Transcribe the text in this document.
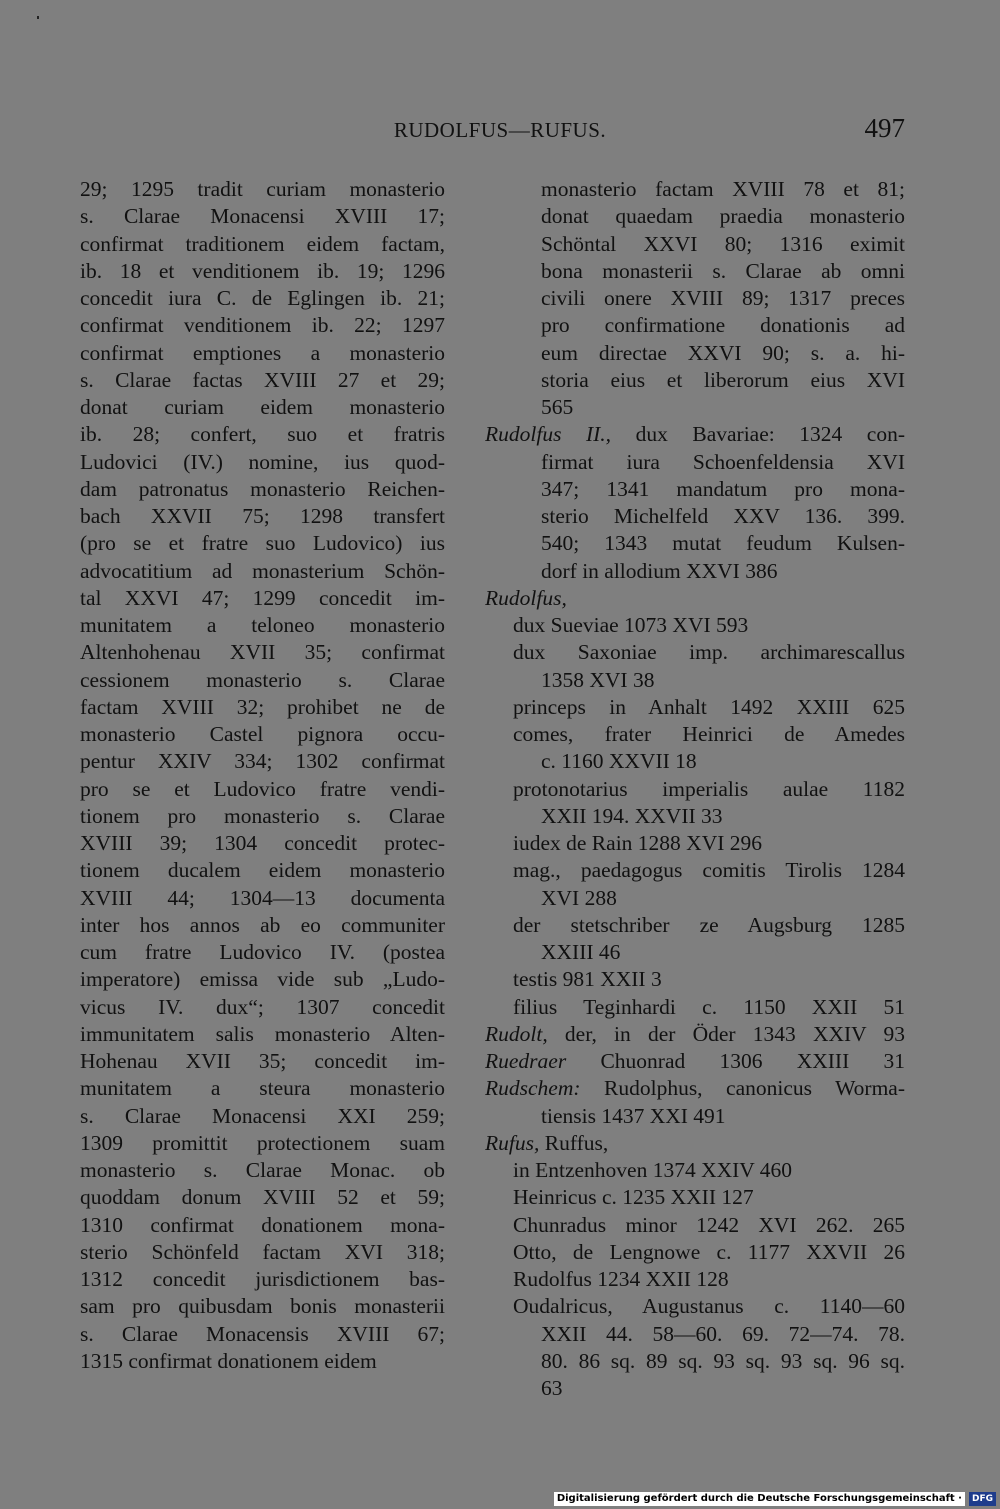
RUDOLFUS—RUFUS.	497
29; 1295 tradit curiam monasterio
s. Clarae Monacensi XVIII 17;
confirmat traditionem eidem factam,
ib. 18 et venditionem ib. 19; 1296
concedit iura C. de Eglingen ib. 21;
confirmat venditionem ib. 22; 1297
confirmat emptiones a monasterio
s. Clarae factas XVIII 27 et 29;
donat curiam eidem monasterio
ib. 28; confert, suo et fratris
Ludovici (IV.) nomine, ius quod-
dam patronatus monasterio Reichen-
bach XXVII 75; 1298 transfert
(pro se et fratre suo Ludovico) ius
advocatitium ad monasterium Schön-
tal XXVI 47; 1299 concedit im-
munitatem a teloneo monasterio
Altenhohenau XVII 35; confirmat
cessionem monasterio s. Clarae
factam XVIII 32; prohibet ne de
monasterio Castel pignora occu-
pentur XXIV 334; 1302 confirmat
pro se et Ludovico fratre vendi-
tionem pro monasterio s. Clarae
XVIII 39; 1304 concedit protec-
tionem ducalem eidem monasterio
XVIII 44; 1304—13 documenta
inter hos annos ab eo communiter
cum fratre Ludovico IV. (postea
imperatore) emissa vide sub „Ludo-
vicus IV. dux“; 1307 concedit
immunitatem salis monasterio Alten-
Hohenau XVII 35; concedit im-
munitatem a steura monasterio
s. Clarae Monacensi XXI 259;
1309 promittit protectionem suam
monasterio s. Clarae Monac. ob
quoddam donum XVIII 52 et 59;
1310 confirmat donationem mona-
sterio Schönfeld factam XVI 318;
1312 concedit jurisdictionem bas-
sam pro quibusdam bonis monasterii
s. Clarae Monacensis XVIII 67;
1315 confirmat donationem eidem
monasterio factam XVIII 78 et 81;
donat quaedam praedia monasterio
Schöntal XXVI 80; 1316 eximit
bona monasterii s. Clarae ab omni
civili onere XVIII 89; 1317 preces
pro confirmatione donationis ad
eum directae XXVI 90; s. a. hi-
storia eius et liberorum eius XVI
565
Rudolfus II., dux Bavariae: 1324 con-
firmat iura Schoenfeldensia XVI
347; 1341 mandatum pro mona-
sterio Michelfeld XXV 136. 399.
540; 1343 mutat feudum Kulsen-
dorf in allodium XXVI 386
Rudolfus,
dux Sueviae 1073 XVI 593
dux Saxoniae imp. archimarescallus
1358 XVI 38
princeps in Anhalt 1492 XXIII 625
comes, frater Heinrici de Amedes
c. 1160 XXVII 18
protonotarius imperialis aulae 1182
XXII 194. XXVII 33
iudex de Rain 1288 XVI 296
mag., paedagogus comitis Tirolis 1284
XVI 288
der stetschriber ze Augsburg 1285
XXIII 46
testis 981 XXII 3
filius Teginhardi c. 1150 XXII 51
Rudolt, der, in der Öder 1343 XXIV 93
Ruedraer Chuonrad 1306 XXIII 31
Rudschem: Rudolphus, canonicus Worma-
tiensis 1437 XXI 491
Rufus, Ruffus,
in Entzenhoven 1374 XXIV 460
Heinricus c. 1235 XXII 127
Chunradus minor 1242 XVI 262. 265
Otto, de Lengnowe c. 1177 XXVII 26
Rudolfus 1234 XXII 128
Oudalricus, Augustanus c. 1140—60
XXII 44. 58—60. 69. 72—74. 78.
80. 86 sq. 89 sq. 93 sq. 93 sq. 96 sq.
63
Digitalisierung gefördert durch die Deutsche Forschungsgemeinschaft ·	DFG
